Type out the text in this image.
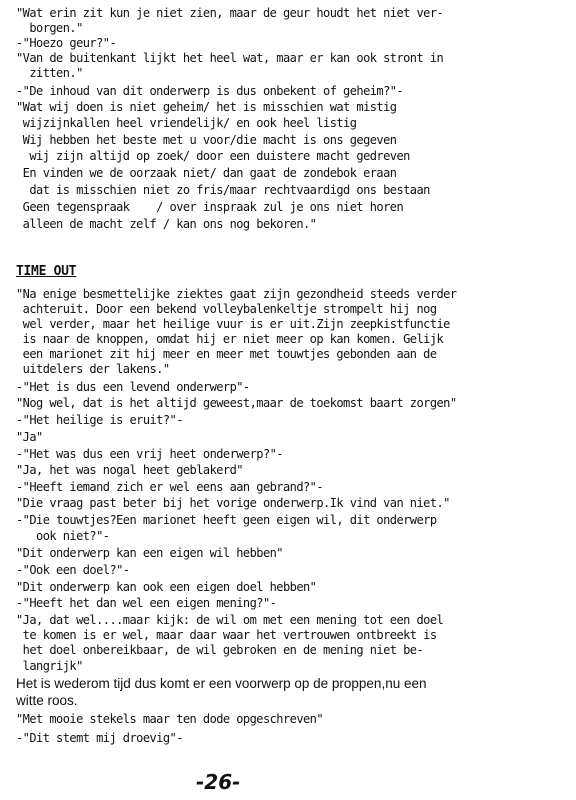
"Wat erin zit kun je niet zien, maar de geur houdt het niet ver-
borgen."
-"Hoezo geur?"-
"Van de buitenkant lijkt het heel wat, maar er kan ook stront in
zitten."
-"De inhoud van dit onderwerp is dus onbekent of geheim?"-
"Wat wij doen is niet geheim/ het is misschien wat mistig
wijzijnkallen heel vriendelijk/ en ook heel listig
Wij hebben het beste met u voor/die macht is ons gegeven
wij zijn altijd op zoek/ door een duistere macht gedreven
En vinden we de oorzaak niet/ dan gaat de zondebok eraan
dat is misschien niet zo fris/maar rechtvaardigd ons bestaan
Geen tegenspraak    / over inspraak zul je ons niet horen
alleen de macht zelf / kan ons nog bekoren."
TIME OUT
"Na enige besmettelijke ziektes gaat zijn gezondheid steeds verder
achteruit. Door een bekend volleybalenkeltje strompelt hij nog
wel verder, maar het heilige vuur is er uit.Zijn zeepkistfunctie
is naar de knoppen, omdat hij er niet meer op kan komen. Gelijk
een marionet zit hij meer en meer met touwtjes gebonden aan de
uitdelers der lakens."
-"Het is dus een levend onderwerp"-
"Nog wel, dat is het altijd geweest,maar de toekomst baart zorgen"
-"Het heilige is eruit?"-
"Ja"
-"Het was dus een vrij heet onderwerp?"-
"Ja, het was nogal heet geblakerd"
-"Heeft iemand zich er wel eens aan gebrand?"-
"Die vraag past beter bij het vorige onderwerp.Ik vind van niet."
-"Die touwtjes?Een marionet heeft geen eigen wil, dit onderwerp
ook niet?"-
"Dit onderwerp kan een eigen wil hebben"
-"Ook een doel?"-
"Dit onderwerp kan ook een eigen doel hebben"
-"Heeft het dan wel een eigen mening?"-
"Ja, dat wel....maar kijk: de wil om met een mening tot een doel
te komen is er wel, maar daar waar het vertrouwen ontbreekt is
het doel onbereikbaar, de wil gebroken en de mening niet be-
langrijk"
Het is wederom tijd dus komt er een voorwerp op de proppen,nu een
witte roos.
"Met mooie stekels maar ten dode opgeschreven"
-"Dit stemt mij droevig"-
-26-
